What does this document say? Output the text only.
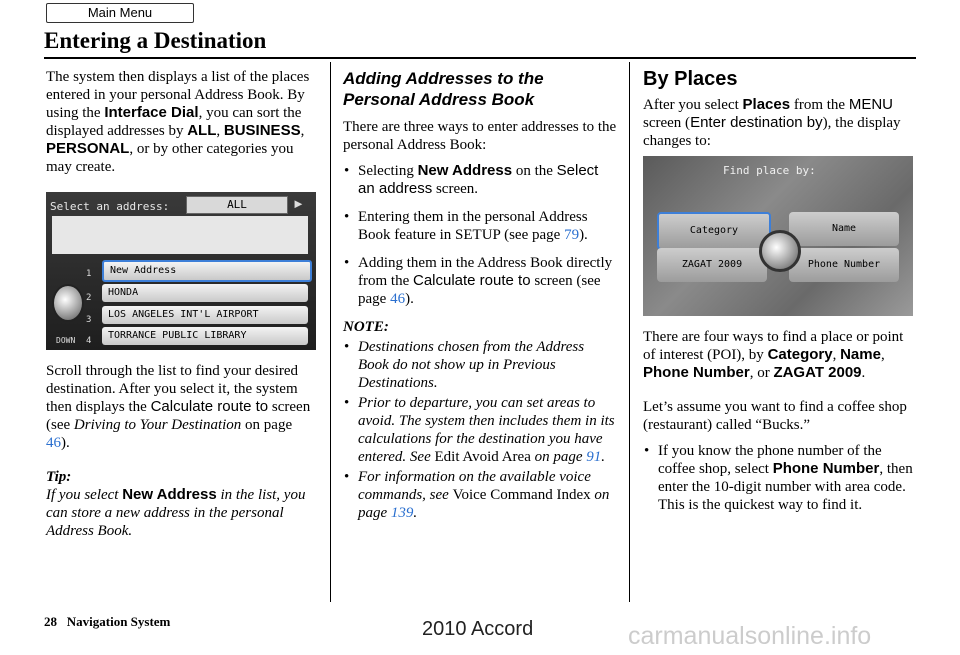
Main Menu
Entering a Destination

The system then displays a list of the places entered in your personal Address Book. By using the Interface Dial, you can sort the displayed addresses by ALL, BUSINESS, PERSONAL, or by other categories you may create.

Select an address:	ALL	►
1	New Address
2	HONDA
3	LOS ANGELES INT'L AIRPORT
4	TORRANCE PUBLIC LIBRARY
DOWN

Scroll through the list to find your desired destination. After you select it, the system then displays the Calculate route to screen (see Driving to Your Destination on page 46).

Tip:
If you select New Address in the list, you can store a new address in the personal Address Book.

Adding Addresses to the Personal Address Book

There are three ways to enter addresses to the personal Address Book:

• Selecting New Address on the Select an address screen.
• Entering them in the personal Address Book feature in SETUP (see page 79).
• Adding them in the Address Book directly from the Calculate route to screen (see page 46).
NOTE:
• Destinations chosen from the Address Book do not show up in Previous Destinations.
• Prior to departure, you can set areas to avoid. The system then includes them in its calculations for the destination you have entered. See Edit Avoid Area on page 91.
• For information on the available voice commands, see Voice Command Index on page 139.
By Places

After you select Places from the MENU screen (Enter destination by), the display changes to:

Find place by:
Category	Name
ZAGAT 2009	Phone Number

There are four ways to find a place or point of interest (POI), by Category, Name, Phone Number, or ZAGAT 2009.

Let’s assume you want to find a coffee shop (restaurant) called “Bucks.”

• If you know the phone number of the coffee shop, select Phone Number, then enter the 10-digit number with area code. This is the quickest way to find it.
28 Navigation System	2010 Accord	carmanualsonline.info
